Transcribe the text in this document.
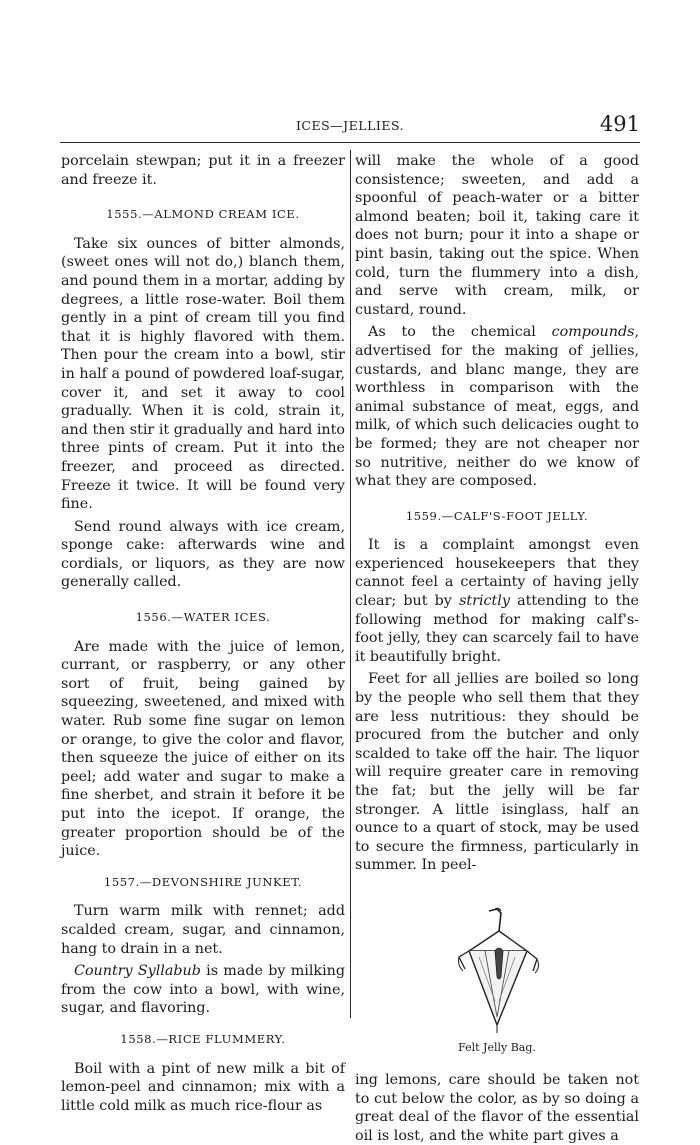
ICES—JELLIES.	491

porcelain stewpan; put it in a freezer and freeze it.

1555.—ALMOND CREAM ICE.

Take six ounces of bitter almonds, (sweet ones will not do,) blanch them, and pound them in a mortar, adding by degrees, a little rose-water. Boil them gently in a pint of cream till you find that it is highly flavored with them. Then pour the cream into a bowl, stir in half a pound of powdered loaf-sugar, cover it, and set it away to cool gradually. When it is cold, strain it, and then stir it gradually and hard into three pints of cream. Put it into the freezer, and proceed as directed. Freeze it twice. It will be found very fine.

Send round always with ice cream, sponge cake: afterwards wine and cordials, or liquors, as they are now generally called.

1556.—WATER ICES.

Are made with the juice of lemon, currant, or raspberry, or any other sort of fruit, being gained by squeezing, sweetened, and mixed with water. Rub some fine sugar on lemon or orange, to give the color and flavor, then squeeze the juice of either on its peel; add water and sugar to make a fine sherbet, and strain it before it be put into the icepot. If orange, the greater proportion should be of the juice.

1557.—DEVONSHIRE JUNKET.

Turn warm milk with rennet; add scalded cream, sugar, and cinnamon, hang to drain in a net.

Country Syllabub is made by milking from the cow into a bowl, with wine, sugar, and flavoring.

1558.—RICE FLUMMERY.

Boil with a pint of new milk a bit of lemon-peel and cinnamon; mix with a little cold milk as much rice-flour as

will make the whole of a good consistence; sweeten, and add a spoonful of peach-water or a bitter almond beaten; boil it, taking care it does not burn; pour it into a shape or pint basin, taking out the spice. When cold, turn the flummery into a dish, and serve with cream, milk, or custard, round.

As to the chemical compounds, advertised for the making of jellies, custards, and blanc mange, they are worthless in comparison with the animal substance of meat, eggs, and milk, of which such delicacies ought to be formed; they are not cheaper nor so nutritive, neither do we know of what they are composed.

1559.—CALF'S-FOOT JELLY.

It is a complaint amongst even experienced housekeepers that they cannot feel a certainty of having jelly clear; but by strictly attending to the following method for making calf's-foot jelly, they can scarcely fail to have it beautifully bright.

Feet for all jellies are boiled so long by the people who sell them that they are less nutritious: they should be procured from the butcher and only scalded to take off the hair. The liquor will require greater care in removing the fat; but the jelly will be far stronger. A little isinglass, half an ounce to a quart of stock, may be used to secure the firmness, particularly in summer. In peel-

Felt Jelly Bag.

ing lemons, care should be taken not to cut below the color, as by so doing a great deal of the flavor of the essential oil is lost, and the white part gives a
